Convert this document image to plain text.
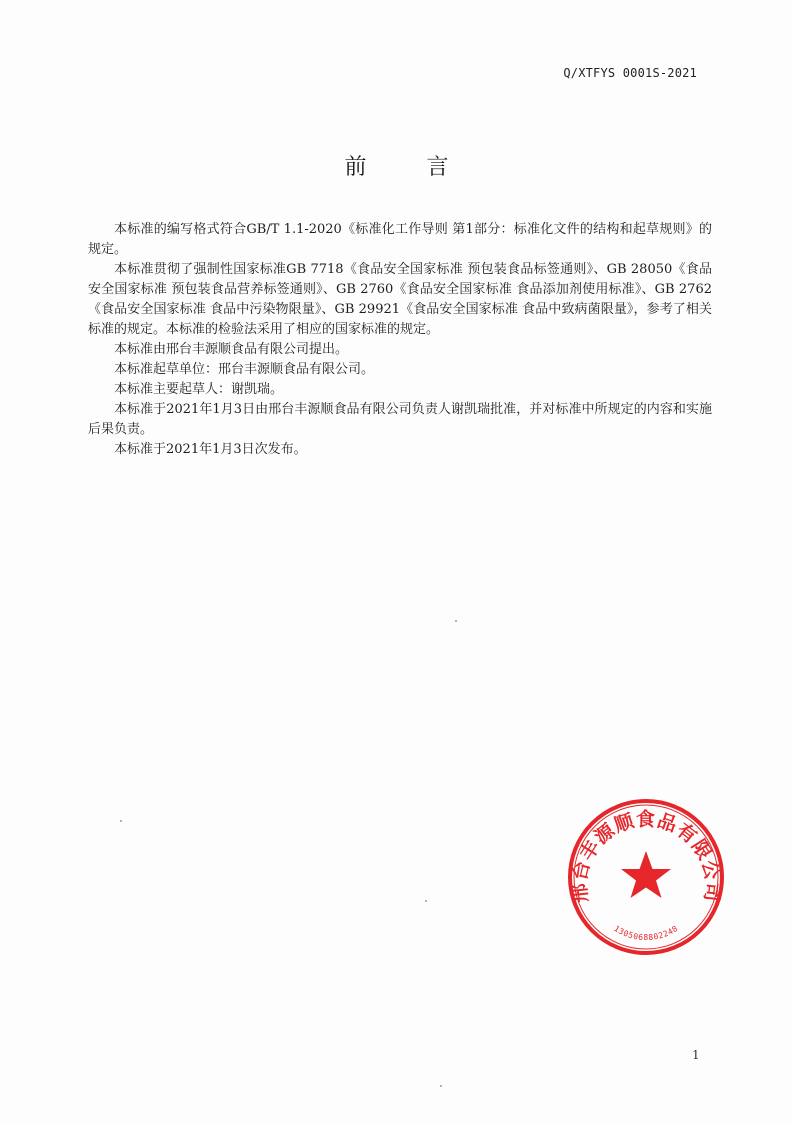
Q/XTFYS 0001S-2021
前言

本标准的编写格式符合GB/T 1.1-2020《标准化工作导则 第1部分：标准化文件的结构和起草规则》的规定。

本标准贯彻了强制性国家标准GB 7718《食品安全国家标准 预包装食品标签通则》、GB 28050《食品安全国家标准 预包装食品营养标签通则》、GB 2760《食品安全国家标准 食品添加剂使用标准》、GB 2762《食品安全国家标准 食品中污染物限量》、GB 29921《食品安全国家标准 食品中致病菌限量》，参考了相关标准的规定。本标准的检验法采用了相应的国家标准的规定。

本标准由邢台丰源顺食品有限公司提出。

本标准起草单位：邢台丰源顺食品有限公司。

本标准主要起草人：谢凯瑞。

本标准于2021年1月3日由邢台丰源顺食品有限公司负责人谢凯瑞批准，并对标准中所规定的内容和实施后果负责。

本标准于2021年1月3日次发布。

邢台丰源顺食品有限公司
1305068802248
1
